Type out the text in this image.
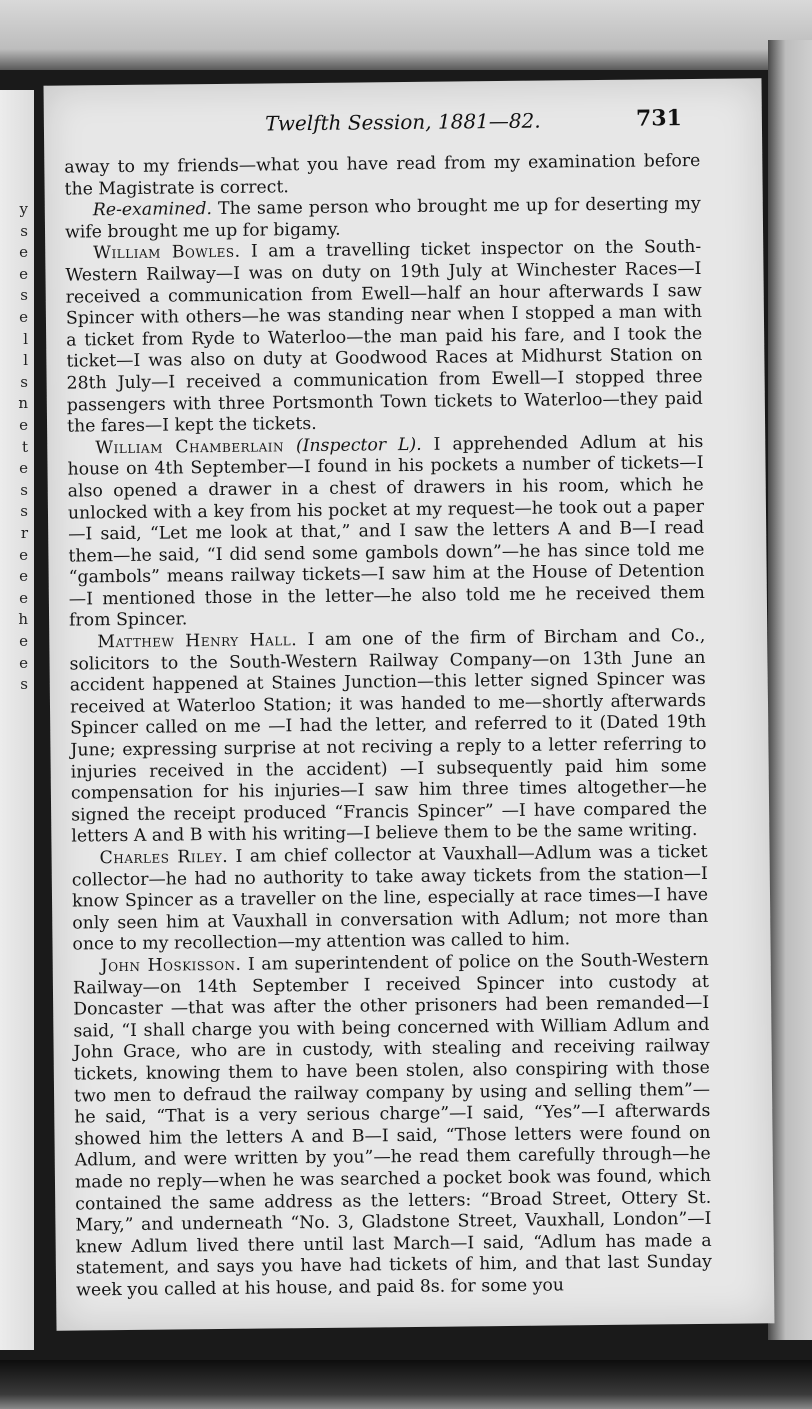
y
s
e
e
s
e
l
l
s
n
e
t
e
s
s
r
e
e
e
h
e
e
s
Twelfth Session, 1881—82.	731

away to my friends—what you have read from my examination before the Magistrate is correct.

Re-examined. The same person who brought me up for deserting my wife brought me up for bigamy.

William Bowles. I am a travelling ticket inspector on the South-Western Railway—I was on duty on 19th July at Winchester Races—I received a communication from Ewell—half an hour afterwards I saw Spincer with others—he was standing near when I stopped a man with a ticket from Ryde to Waterloo—the man paid his fare, and I took the ticket—I was also on duty at Goodwood Races at Midhurst Station on 28th July—I received a communication from Ewell—I stopped three passengers with three Portsmonth Town tickets to Waterloo—they paid the fares—I kept the tickets.

William Chamberlain (Inspector L). I apprehended Adlum at his house on 4th September—I found in his pockets a number of tickets—I also opened a drawer in a chest of drawers in his room, which he unlocked with a key from his pocket at my request—he took out a paper—I said, “Let me look at that,” and I saw the letters A and B—I read them—he said, “I did send some gambols down”—he has since told me “gambols” means railway tickets—I saw him at the House of Detention—I mentioned those in the letter—he also told me he received them from Spincer.

Matthew Henry Hall. I am one of the firm of Bircham and Co., solicitors to the South-Western Railway Company—on 13th June an accident happened at Staines Junction—this letter signed Spincer was received at Waterloo Station; it was handed to me—shortly afterwards Spincer called on me —I had the letter, and referred to it (Dated 19th June; expressing surprise at not reciving a reply to a letter referring to injuries received in the accident) —I subsequently paid him some compensation for his injuries—I saw him three times altogether—he signed the receipt produced “Francis Spincer” —I have compared the letters A and B with his writing—I believe them to be the same writing.

Charles Riley. I am chief collector at Vauxhall—Adlum was a ticket collector—he had no authority to take away tickets from the station—I know Spincer as a traveller on the line, especially at race times—I have only seen him at Vauxhall in conversation with Adlum; not more than once to my recollection—my attention was called to him.

John Hoskisson. I am superintendent of police on the South-Western Railway—on 14th September I received Spincer into custody at Doncaster —that was after the other prisoners had been remanded—I said, “I shall charge you with being concerned with William Adlum and John Grace, who are in custody, with stealing and receiving railway tickets, knowing them to have been stolen, also conspiring with those two men to defraud the railway company by using and selling them”—he said, “That is a very serious charge”—I said, “Yes”—I afterwards showed him the letters A and B—I said, “Those letters were found on Adlum, and were written by you”—he read them carefully through—he made no reply—when he was searched a pocket book was found, which contained the same address as the letters: “Broad Street, Ottery St. Mary,” and underneath “No. 3, Gladstone Street, Vauxhall, London”—I knew Adlum lived there until last March—I said, “Adlum has made a statement, and says you have had tickets of him, and that last Sunday week you called at his house, and paid 8s. for some you
